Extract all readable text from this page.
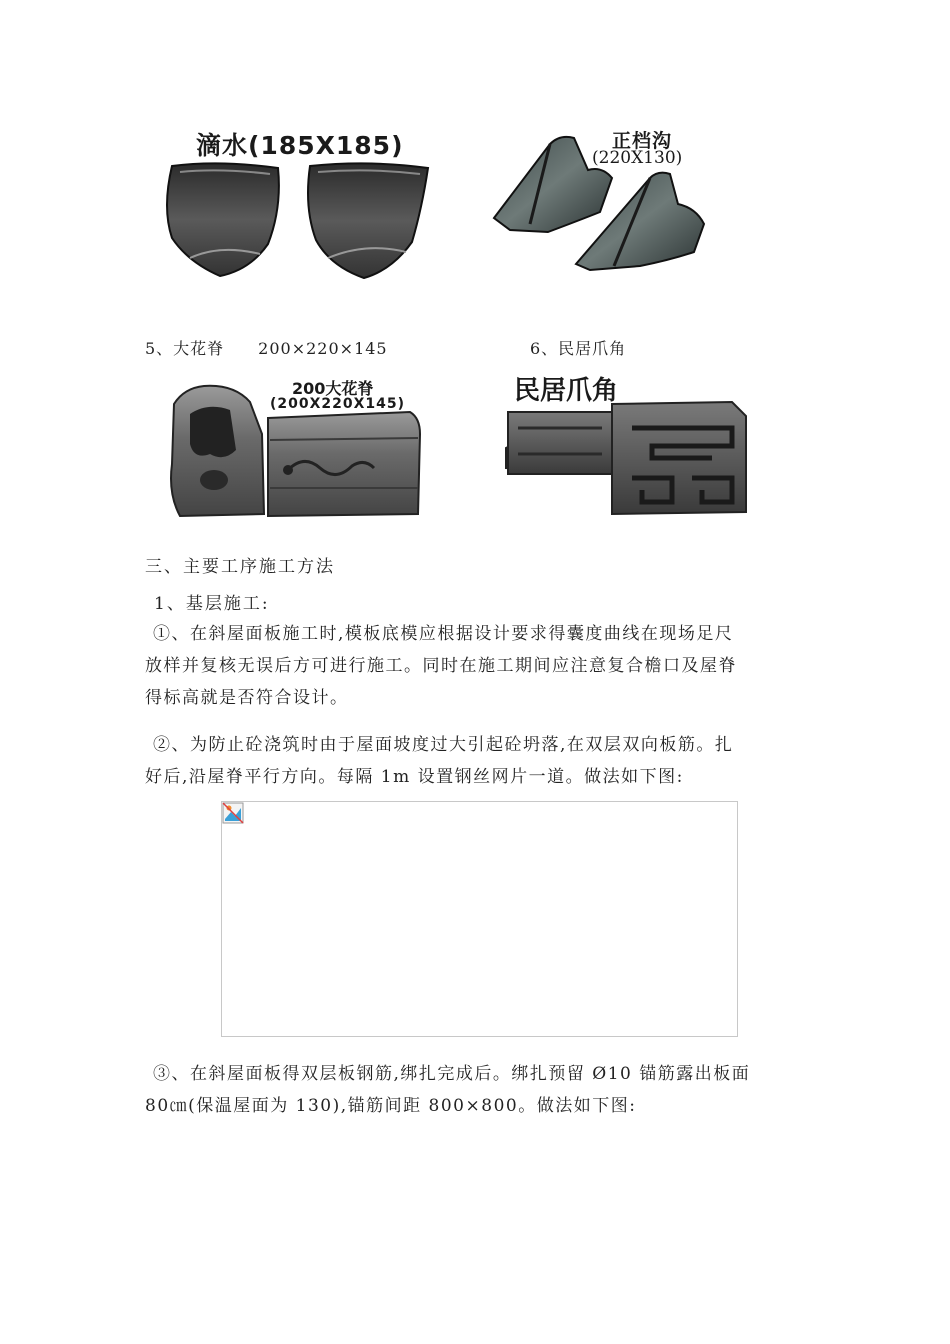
滴水(185X185)	正档沟
(220X130)
5、大花脊　　200×220×145	6、民居爪角
200大花脊
(200X220X145)	民居爪角
三、主要工序施工方法
1、基层施工:
①、在斜屋面板施工时,模板底模应根据设计要求得囊度曲线在现场足尺
放样并复核无误后方可进行施工。同时在施工期间应注意复合檐口及屋脊
得标高就是否符合设计。
②、为防止砼浇筑时由于屋面坡度过大引起砼坍落,在双层双向板筋。扎
好后,沿屋脊平行方向。每隔 1m 设置钢丝网片一道。做法如下图:
③、在斜屋面板得双层板钢筋,绑扎完成后。绑扎预留 Ø10 锚筋露出板面
80㎝(保温屋面为 130),锚筋间距 800×800。做法如下图:
